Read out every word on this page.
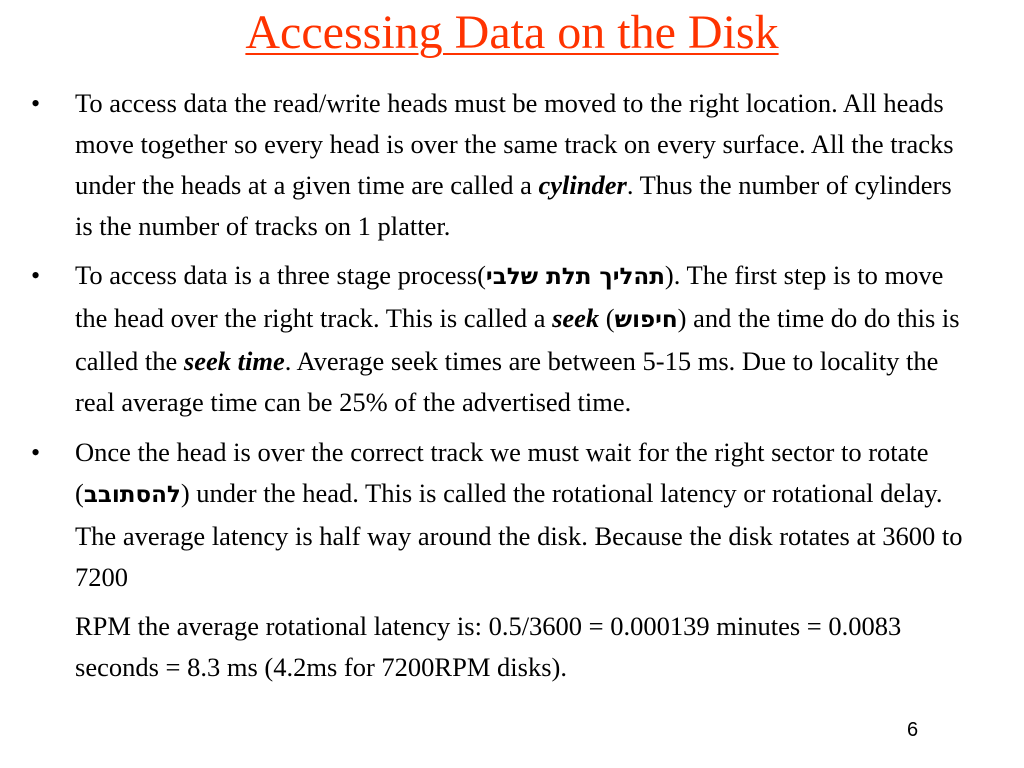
Accessing Data on the Disk
• To access data the read/write heads must be moved to the right location. All heads move together so every head is over the same track on every surface. All the tracks under the heads at a given time are called a cylinder. Thus the number of cylinders is the number of tracks on 1 platter.
• To access data is a three stage process(תהליך תלת שלבי). The first step is to move the head over the right track. This is called a seek (חיפוש) and the time do do this is called the seek time. Average seek times are between 5-15 ms. Due to locality the real average time can be 25% of the advertised time.
• Once the head is over the correct track we must wait for the right sector to rotate (להסתובב) under the head. This is called the rotational latency or rotational delay. The average latency is half way around the disk. Because the disk rotates at 3600 to 7200
RPM the average rotational latency is: 0.5/3600 = 0.000139 minutes = 0.0083 seconds = 8.3 ms (4.2ms for 7200RPM disks).
6
